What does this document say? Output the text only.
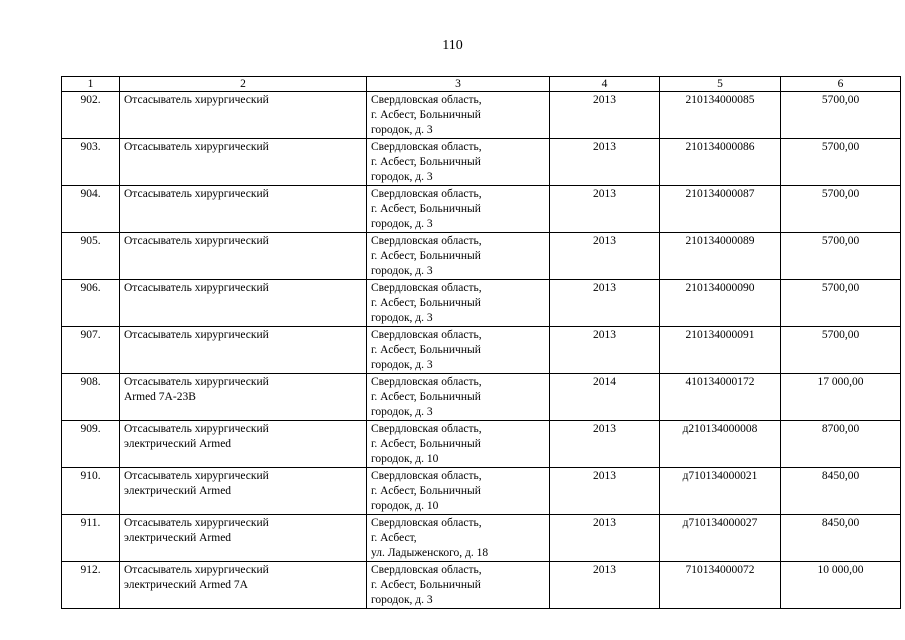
110
1	2	3	4	5	6
902.	Отсасыватель хирургический	Свердловская область,
г. Асбест, Больничный
городок, д. 3	2013	210134000085	5700,00
903.	Отсасыватель хирургический	Свердловская область,
г. Асбест, Больничный
городок, д. 3	2013	210134000086	5700,00
904.	Отсасыватель хирургический	Свердловская область,
г. Асбест, Больничный
городок, д. 3	2013	210134000087	5700,00
905.	Отсасыватель хирургический	Свердловская область,
г. Асбест, Больничный
городок, д. 3	2013	210134000089	5700,00
906.	Отсасыватель хирургический	Свердловская область,
г. Асбест, Больничный
городок, д. 3	2013	210134000090	5700,00
907.	Отсасыватель хирургический	Свердловская область,
г. Асбест, Больничный
городок, д. 3	2013	210134000091	5700,00
908.	Отсасыватель хирургический
Armed 7A-23B	Свердловская область,
г. Асбест, Больничный
городок, д. 3	2014	410134000172	17 000,00
909.	Отсасыватель хирургический
электрический Armed	Свердловская область,
г. Асбест, Больничный
городок, д. 10	2013	д210134000008	8700,00
910.	Отсасыватель хирургический
электрический Armed	Свердловская область,
г. Асбест, Больничный
городок, д. 10	2013	д710134000021	8450,00
911.	Отсасыватель хирургический
электрический Armed	Свердловская область,
г. Асбест,
ул. Ладыженского, д. 18	2013	д710134000027	8450,00
912.	Отсасыватель хирургический
электрический Armed 7A	Свердловская область,
г. Асбест, Больничный
городок, д. 3	2013	710134000072	10 000,00
